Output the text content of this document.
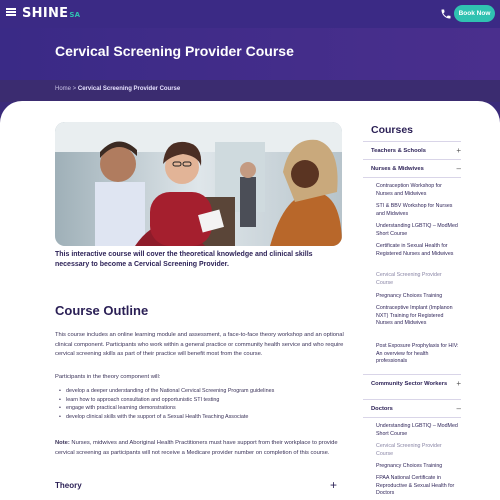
SHINESA	Book Now
Cervical Screening Provider Course
Home > Cervical Screening Provider Course
This interactive course will cover the theoretical knowledge and clinical skills necessary to become a Cervical Screening Provider.
Course Outline
This course includes an online learning module and assessment, a face-to-face theory workshop and an optional clinical component. Participants who work within a general practice or community health service and who require cervical screening skills as part of their practice will benefit most from the course.
Participants in the theory component will:
• develop a deeper understanding of the National Cervical Screening Program guidelines
• learn how to approach consultation and opportunistic STI testing
• engage with practical learning demonstrations
• develop clinical skills with the support of a Sexual Health Teaching Associate
Note: Nurses, midwives and Aboriginal Health Practitioners must have support from their workplace to provide cervical screening as participants will not receive a Medicare provider number on completion of this course.
Theory	+
Courses
Teachers & Schools	+
Nurses & Midwives	–
Contraception Workshop for Nurses and Midwives
STI & BBV Workshop for Nurses and Midwives
Understanding LGBTIQ – ModMed Short Course
Certificate in Sexual Health for Registered Nurses and Midwives
Cervical Screening Provider Course
Pregnancy Choices Training
Contraceptive Implant (Implanon NXT) Training for Registered Nurses and Midwives
Post Exposure Prophylaxis for HIV: An overview for health professionals
Community Sector Workers +
Doctors	–
Understanding LGBTIQ – ModMed Short Course
Cervical Screening Provider Course
Pregnancy Choices Training
FPAA National Certificate in Reproductive & Sexual Health for Doctors
